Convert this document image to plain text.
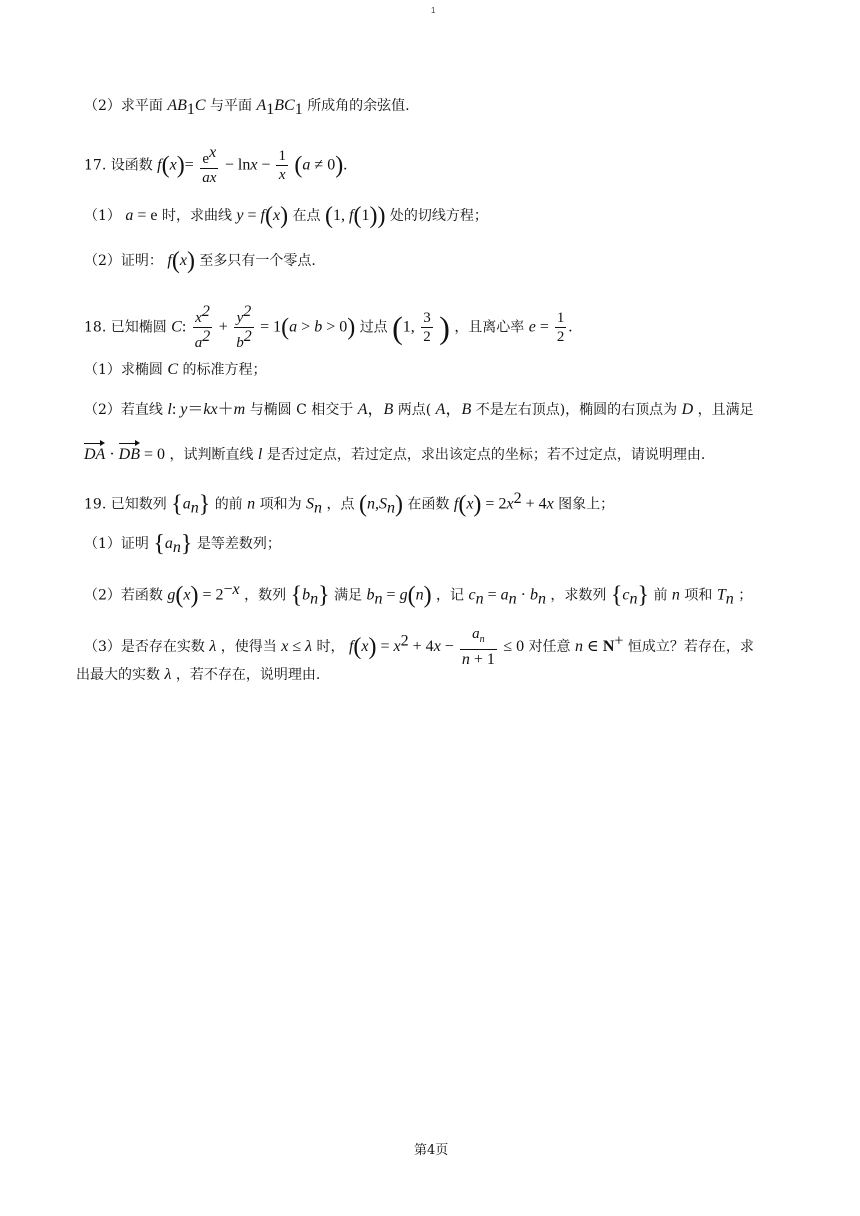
1
（2）求平面 $AB_1C$ 与平面 $A_1BC_1$ 所成角的余弦值.
17. 设函数 $f(x)= \frac{e^x}{ax} - \ln x - \frac{1}{x} (a \ne 0)$.
（1） a = e 时，求曲线 y = f(x) 在点 (1, f(1)) 处的切线方程；
（2）证明： f(x) 至多只有一个零点.
18. 已知椭圆 C: $\frac{x^2}{a^2} + \frac{y^2}{b^2} = 1(a > b > 0)$ 过点 (1, $\frac{3}{2}$ ) ，且离心率 $e = \frac{1}{2}$ .
（1）求椭圆 C 的标准方程；
（2）若直线 l: y＝kx＋m 与椭圆 C 相交于 A，B 两点( A，B 不是左右顶点)，椭圆的右顶点为 D ，且满足
DA · DB = 0 ，试判断直线 l 是否过定点，若过定点，求出该定点的坐标；若不过定点，请说明理由.
19. 已知数列 $\{a_n\}$ 的前 n 项和为 $S_n$ ，点 $(n,S_n)$ 在函数 $f(x) = 2x^2 + 4x$ 图象上；
（1）证明 $\{a_n\}$ 是等差数列；
（2）若函数 $g(x) = 2^{-x}$ ，数列 $\{b_n\}$ 满足 $b_n = g(n)$ ，记 $c_n = a_n \cdot b_n$ ，求数列 $\{c_n\}$ 前 n 项和 $T_n$ ；
（3）是否存在实数 λ ，使得当 x ≤ λ 时， $f(x) = x^2 + 4x - \frac{a_n}{n + 1} \le 0$ 对任意 n ∈ N+ 恒成立？若存在，求
出最大的实数 λ ，若不存在，说明理由.
第4页
